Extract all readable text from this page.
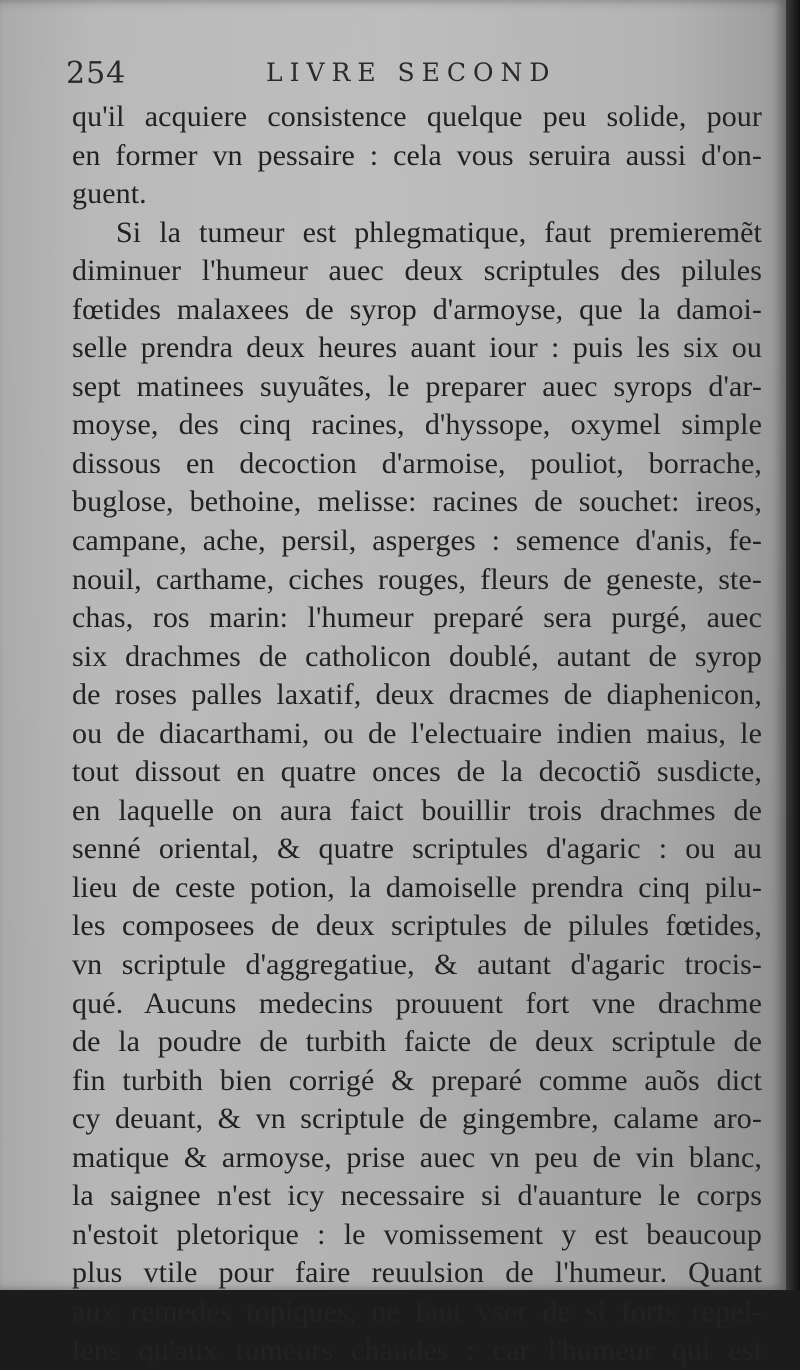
254	LIVRE SECOND
qu'il acquiere consistence quelque peu solide, pour
en former vn pessaire : cela vous seruira aussi d'on-
guent.
Si la tumeur est phlegmatique, faut premieremẽt
diminuer l'humeur auec deux scriptules des pilules
fœtides malaxees de syrop d'armoyse, que la damoi-
selle prendra deux heures auant iour : puis les six ou
sept matinees suyuãtes, le preparer auec syrops d'ar-
moyse, des cinq racines, d'hyssope, oxymel simple
dissous en decoction d'armoise, pouliot, borrache,
buglose, bethoine, melisse: racines de souchet: ireos,
campane, ache, persil, asperges : semence d'anis, fe-
nouil, carthame, ciches rouges, fleurs de geneste, ste-
chas, ros marin: l'humeur preparé sera purgé, auec
six drachmes de catholicon doublé, autant de syrop
de roses palles laxatif, deux dracmes de diaphenicon,
ou de diacarthami, ou de l'electuaire indien maius, le
tout dissout en quatre onces de la decoctiõ susdicte,
en laquelle on aura faict bouillir trois drachmes de
senné oriental, & quatre scriptules d'agaric : ou au
lieu de ceste potion, la damoiselle prendra cinq pilu-
les composees de deux scriptules de pilules fœtides,
vn scriptule d'aggregatiue, & autant d'agaric trocis-
qué. Aucuns medecins prouuent fort vne drachme
de la poudre de turbith faicte de deux scriptule de
fin turbith bien corrigé & preparé comme auõs dict
cy deuant, & vn scriptule de gingembre, calame aro-
matique & armoyse, prise auec vn peu de vin blanc,
la saignee n'est icy necessaire si d'auanture le corps
n'estoit pletorique : le vomissement y est beaucoup
plus vtile pour faire reuulsion de l'humeur. Quant
aux remedes topiques, ne faut vser de si forts repel-
lens qu'aux tumeurs chaudes : car l'humeur qui est
